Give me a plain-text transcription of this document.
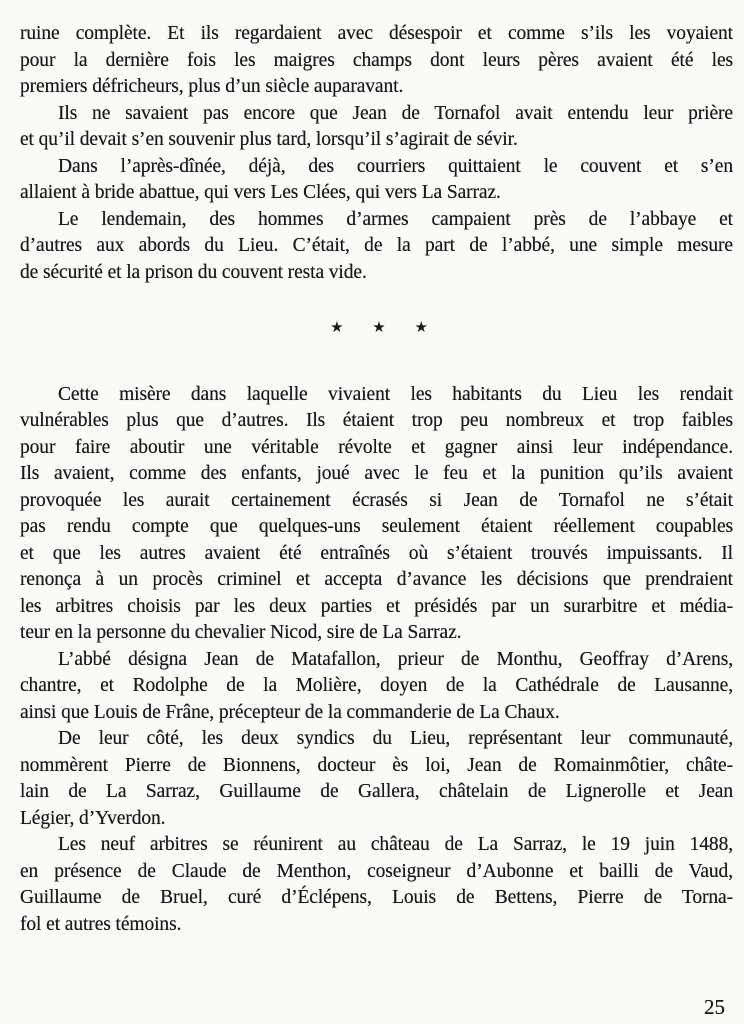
ruine complète. Et ils regardaient avec désespoir et comme s’ils les voyaient
pour la dernière fois les maigres champs dont leurs pères avaient été les
premiers défricheurs, plus d’un siècle auparavant.
Ils ne savaient pas encore que Jean de Tornafol avait entendu leur prière
et qu’il devait s’en souvenir plus tard, lorsqu’il s’agirait de sévir.
Dans l’après-dînée, déjà, des courriers quittaient le couvent et s’en
allaient à bride abattue, qui vers Les Clées, qui vers La Sarraz.
Le lendemain, des hommes d’armes campaient près de l’abbaye et
d’autres aux abords du Lieu. C’était, de la part de l’abbé, une simple mesure
de sécurité et la prison du couvent resta vide.
★ ★ ★
Cette misère dans laquelle vivaient les habitants du Lieu les rendait
vulnérables plus que d’autres. Ils étaient trop peu nombreux et trop faibles
pour faire aboutir une véritable révolte et gagner ainsi leur indépendance.
Ils avaient, comme des enfants, joué avec le feu et la punition qu’ils avaient
provoquée les aurait certainement écrasés si Jean de Tornafol ne s’était
pas rendu compte que quelques-uns seulement étaient réellement coupables
et que les autres avaient été entraînés où s’étaient trouvés impuissants. Il
renonça à un procès criminel et accepta d’avance les décisions que prendraient
les arbitres choisis par les deux parties et présidés par un surarbitre et média-
teur en la personne du chevalier Nicod, sire de La Sarraz.
L’abbé désigna Jean de Matafallon, prieur de Monthu, Geoffray d’Arens,
chantre, et Rodolphe de la Molière, doyen de la Cathédrale de Lausanne,
ainsi que Louis de Frâne, précepteur de la commanderie de La Chaux.
De leur côté, les deux syndics du Lieu, représentant leur communauté,
nommèrent Pierre de Bionnens, docteur ès loi, Jean de Romainmôtier, châte-
lain de La Sarraz, Guillaume de Gallera, châtelain de Lignerolle et Jean
Légier, d’Yverdon.
Les neuf arbitres se réunirent au château de La Sarraz, le 19 juin 1488,
en présence de Claude de Menthon, coseigneur d’Aubonne et bailli de Vaud,
Guillaume de Bruel, curé d’Éclépens, Louis de Bettens, Pierre de Torna-
fol et autres témoins.
25
